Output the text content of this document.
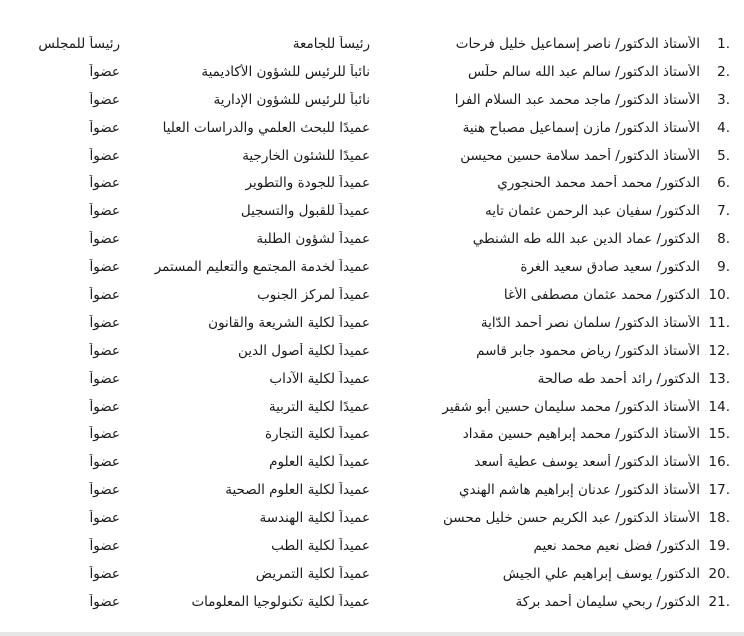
1.
الأستاذ الدكتور/ ناصر إسماعيل خليل فرحات
رئيساً للجامعة
رئيساً للمجلس
2.
الأستاذ الدكتور/ سالم عبد الله سالم حلّس
نائباً للرئيس للشؤون الأكاديمية
عضواً
3.
الأستاذ الدكتور/ ماجد محمد عبد السلام الفرا
نائباً للرئيس للشؤون الإدارية
عضواً
4.
الأستاذ الدكتور/ مازن إسماعيل مصباح هنية
عميدًا للبحث العلمي والدراسات العليا
عضواً
5.
الأستاذ الدكتور/ أحمد سلامة حسين محيسن
عميدًا للشئون الخارجية
عضواً
6.
الدكتور/ محمد أحمد محمد الحنجوري
عميداً للجودة والتطوير
عضواً
7.
الدكتور/ سفيان عبد الرحمن عثمان تايه
عميداً للقبول والتسجيل
عضواً
8.
الدكتور/ عماد الدين عبد الله طه الشنطي
عميداً لشؤون الطلبة
عضواً
9.
الدكتور/ سعيد صادق سعيد الغرة
عميداً لخدمة المجتمع والتعليم المستمر
عضواً
10.
الدكتور/ محمد عثمان مصطفى الأغا
عميداً لمركز الجنوب
عضواً
11.
الأستاذ الدكتور/ سلمان نصر أحمد الدّاية
عميداً لكلية الشريعة والقانون
عضواً
12.
الأستاذ الدكتور/ رياض محمود جابر قاسم
عميداً لكلية أصول الدين
عضواً
13.
الدكتور/ رائد أحمد طه صالحة
عميداً لكلية الآداب
عضواً
14.
الأستاذ الدكتور/ محمد سليمان حسين أبو شقير
عميدًا لكلية التربية
عضواً
15.
الأستاذ الدكتور/ محمد إبراهيم حسين مقداد
عميداً لكلية التجارة
عضواً
16.
الأستاذ الدكتور/ أسعد يوسف عطية أسعد
عميداً لكلية العلوم
عضواً
17.
الأستاذ الدكتور/ عدنان إبراهيم هاشم الهندي
عميداً لكلية العلوم الصحية
عضواً
18.
الأستاذ الدكتور/ عبد الكريم حسن خليل محسن
عميداً لكلية الهندسة
عضواً
19.
الدكتور/ فضل نعيم محمد نعيم
عميداً لكلية الطب
عضواً
20.
الدكتور/ يوسف إبراهيم علي الجيش
عميداً لكلية التمريض
عضواً
21.
الدكتور/ ربحي سليمان أحمد بركة
عميداً لكلية تكنولوجيا المعلومات
عضواً
